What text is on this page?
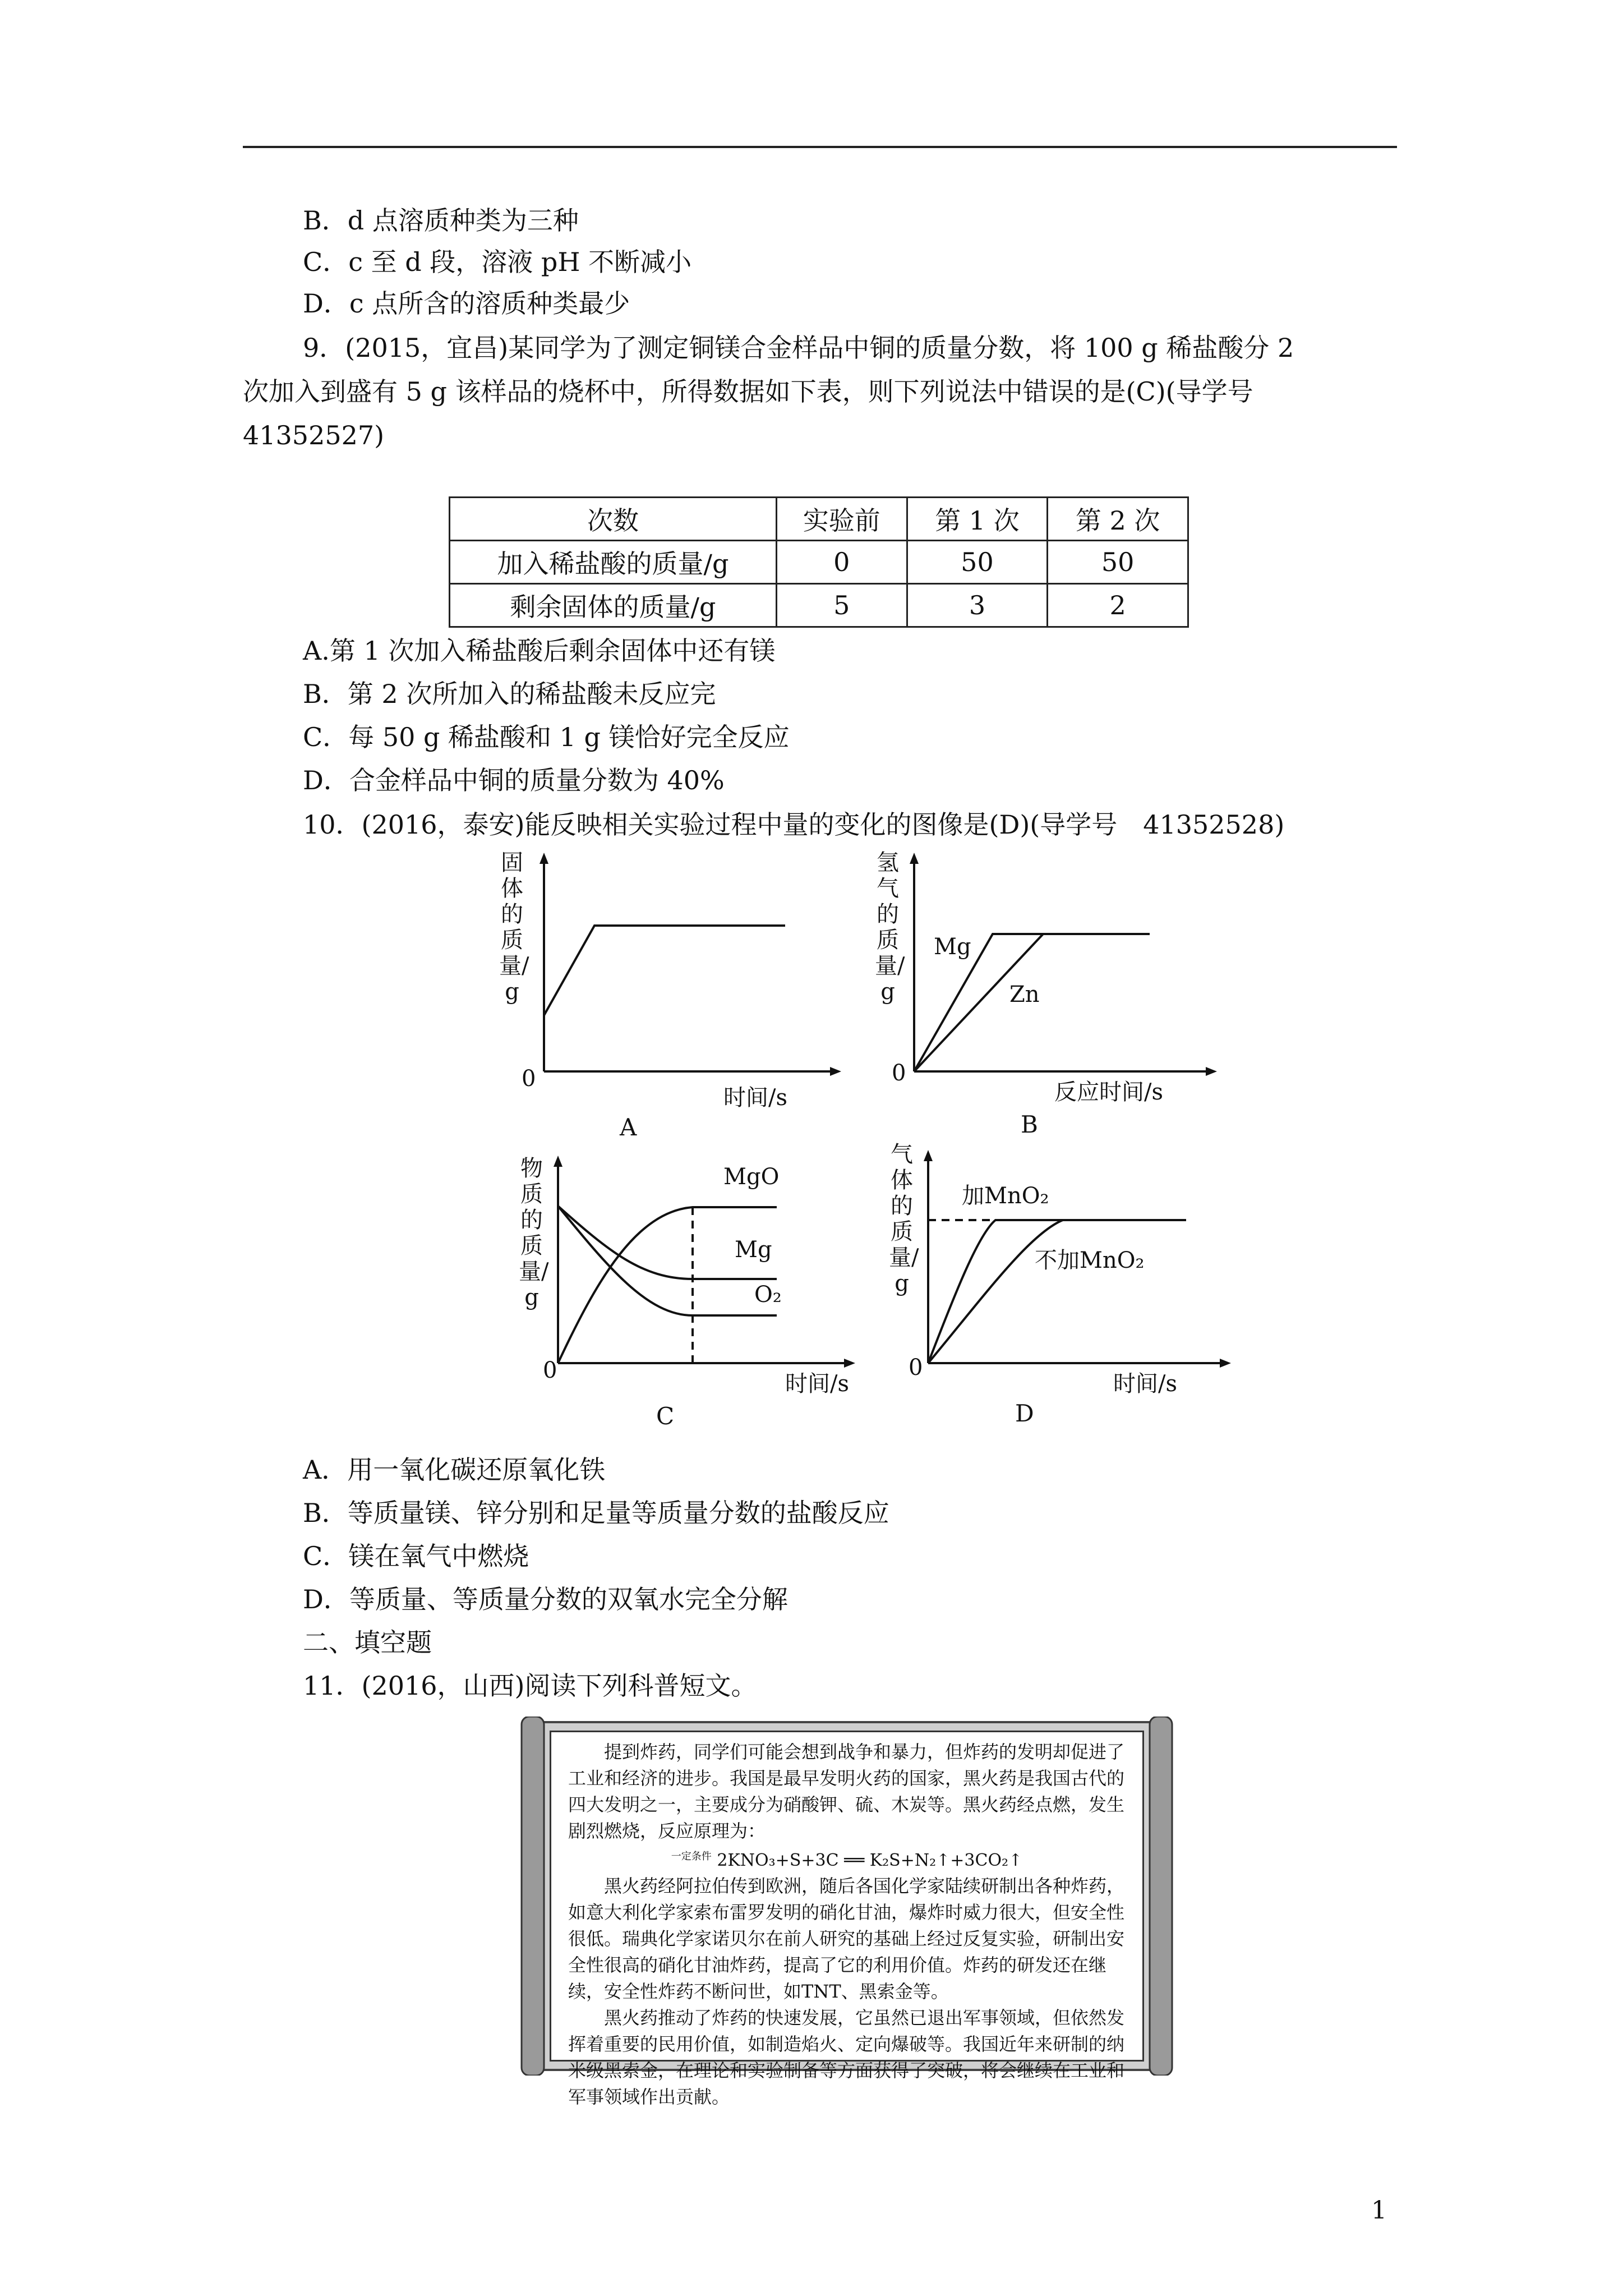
B．d 点溶质种类为三种
C．c 至 d 段，溶液 pH 不断减小
D．c 点所含的溶质种类最少
9．(2015，宜昌)某同学为了测定铜镁合金样品中铜的质量分数，将 100 g 稀盐酸分 2
次加入到盛有 5 g 该样品的烧杯中，所得数据如下表，则下列说法中错误的是(C)(导学号
41352527)
次数	实验前	第 1 次	第 2 次
加入稀盐酸的质量/g	0	50	50
剩余固体的质量/g	5	3	2
A.第 1 次加入稀盐酸后剩余固体中还有镁
B．第 2 次所加入的稀盐酸未反应完
C．每 50 g 稀盐酸和 1 g 镁恰好完全反应
D．合金样品中铜的质量分数为 40%
10．(2016，泰安)能反映相关实验过程中量的变化的图像是(D)(导学号　41352528)
固体的质量/g
0
时间/s
A
氢气的质量/g
Mg
Zn
0
反应时间/s
B
物质的质量/g
MgO
Mg
O₂
0
时间/s
C
气体的质量/g
加MnO₂
不加MnO₂
0
时间/s
D
A．用一氧化碳还原氧化铁
B．等质量镁、锌分别和足量等质量分数的盐酸反应
C．镁在氧气中燃烧
D．等质量、等质量分数的双氧水完全分解
二、填空题
11．(2016，山西)阅读下列科普短文。

提到炸药，同学们可能会想到战争和暴力，但炸药的发明却促进了工业和经济的进步。我国是最早发明火药的国家，黑火药是我国古代的四大发明之一，主要成分为硝酸钾、硫、木炭等。黑火药经点燃，发生剧烈燃烧，反应原理为：

$^{一定条件}$ 2KNO₃+S+3C ══ K₂S+N₂↑+3CO₂↑

黑火药经阿拉伯传到欧洲，随后各国化学家陆续研制出各种炸药，如意大利化学家索布雷罗发明的硝化甘油，爆炸时威力很大，但安全性很低。瑞典化学家诺贝尔在前人研究的基础上经过反复实验，研制出安全性很高的硝化甘油炸药，提高了它的利用价值。炸药的研发还在继续，安全性炸药不断问世，如TNT、黑索金等。

黑火药推动了炸药的快速发展，它虽然已退出军事领域，但依然发挥着重要的民用价值，如制造焰火、定向爆破等。我国近年来研制的纳米级黑索金，在理论和实验制备等方面获得了突破，将会继续在工业和军事领域作出贡献。

1
